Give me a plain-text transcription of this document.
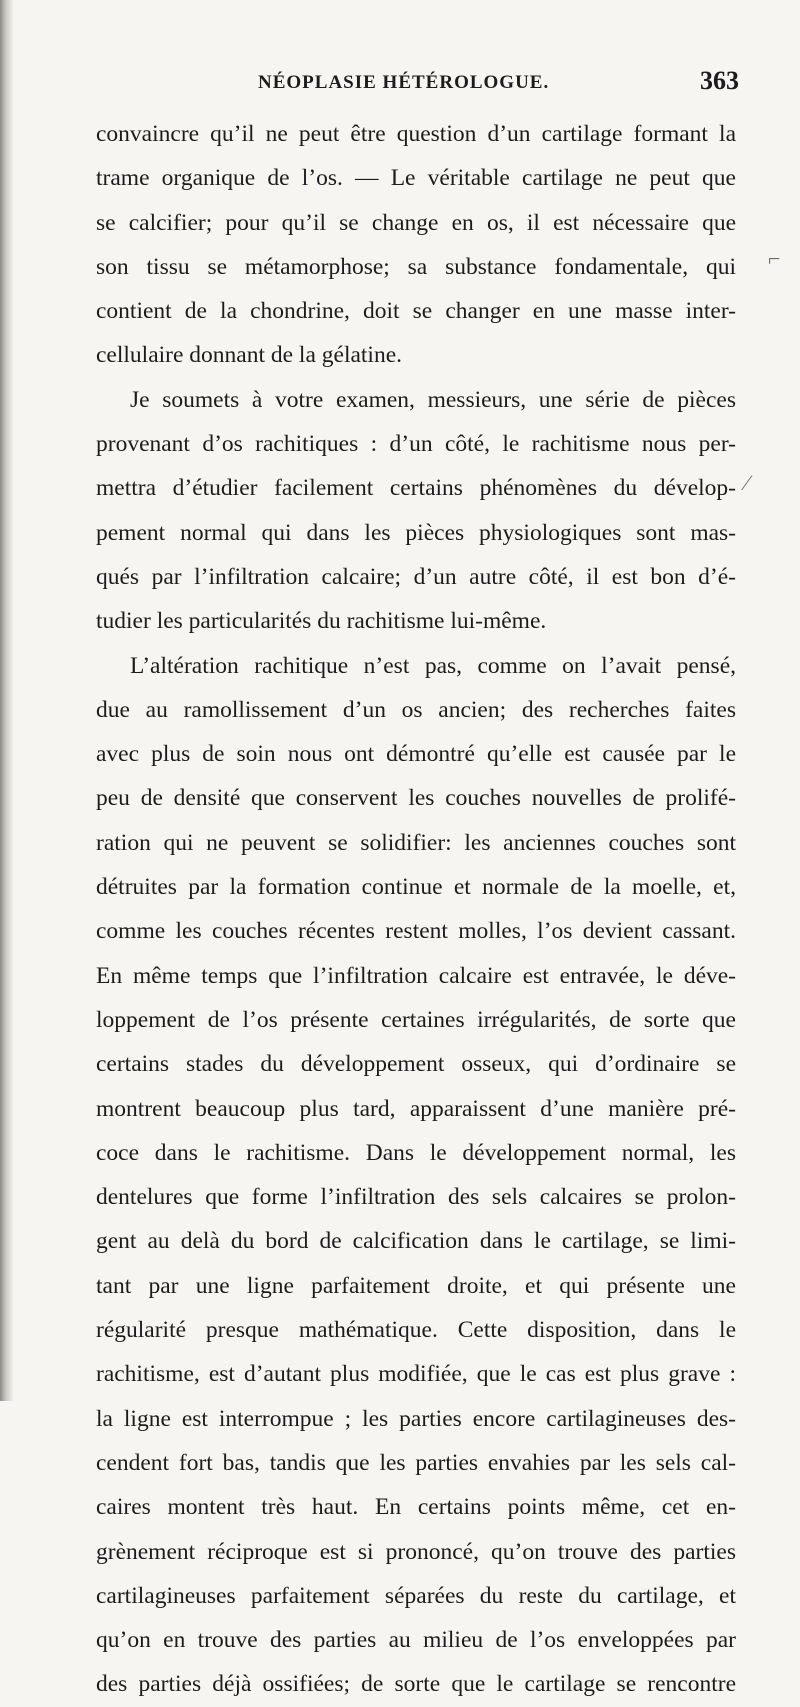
NÉOPLASIE HÉTÉROLOGUE.	363
convaincre qu’il ne peut être question d’un cartilage formant la
trame organique de l’os. — Le véritable cartilage ne peut que
se calcifier; pour qu’il se change en os, il est nécessaire que
son tissu se métamorphose; sa substance fondamentale, qui
contient de la chondrine, doit se changer en une masse inter-
cellulaire donnant de la gélatine.
Je soumets à votre examen, messieurs, une série de pièces
provenant d’os rachitiques : d’un côté, le rachitisme nous per-
mettra d’étudier facilement certains phénomènes du dévelop-
pement normal qui dans les pièces physiologiques sont mas-
qués par l’infiltration calcaire; d’un autre côté, il est bon d’é-
tudier les particularités du rachitisme lui-même.
L’altération rachitique n’est pas, comme on l’avait pensé,
due au ramollissement d’un os ancien; des recherches faites
avec plus de soin nous ont démontré qu’elle est causée par le
peu de densité que conservent les couches nouvelles de prolifé-
ration qui ne peuvent se solidifier: les anciennes couches sont
détruites par la formation continue et normale de la moelle, et,
comme les couches récentes restent molles, l’os devient cassant.
En même temps que l’infiltration calcaire est entravée, le déve-
loppement de l’os présente certaines irrégularités, de sorte que
certains stades du développement osseux, qui d’ordinaire se
montrent beaucoup plus tard, apparaissent d’une manière pré-
coce dans le rachitisme. Dans le développement normal, les
dentelures que forme l’infiltration des sels calcaires se prolon-
gent au delà du bord de calcification dans le cartilage, se limi-
tant par une ligne parfaitement droite, et qui présente une
régularité presque mathématique. Cette disposition, dans le
rachitisme, est d’autant plus modifiée, que le cas est plus grave :
la ligne est interrompue ; les parties encore cartilagineuses des-
cendent fort bas, tandis que les parties envahies par les sels cal-
caires montent très haut. En certains points même, cet en-
grènement réciproque est si prononcé, qu’on trouve des parties
cartilagineuses parfaitement séparées du reste du cartilage, et
qu’on en trouve des parties au milieu de l’os enveloppées par
des parties déjà ossifiées; de sorte que le cartilage se rencontre
⌐
⁄
